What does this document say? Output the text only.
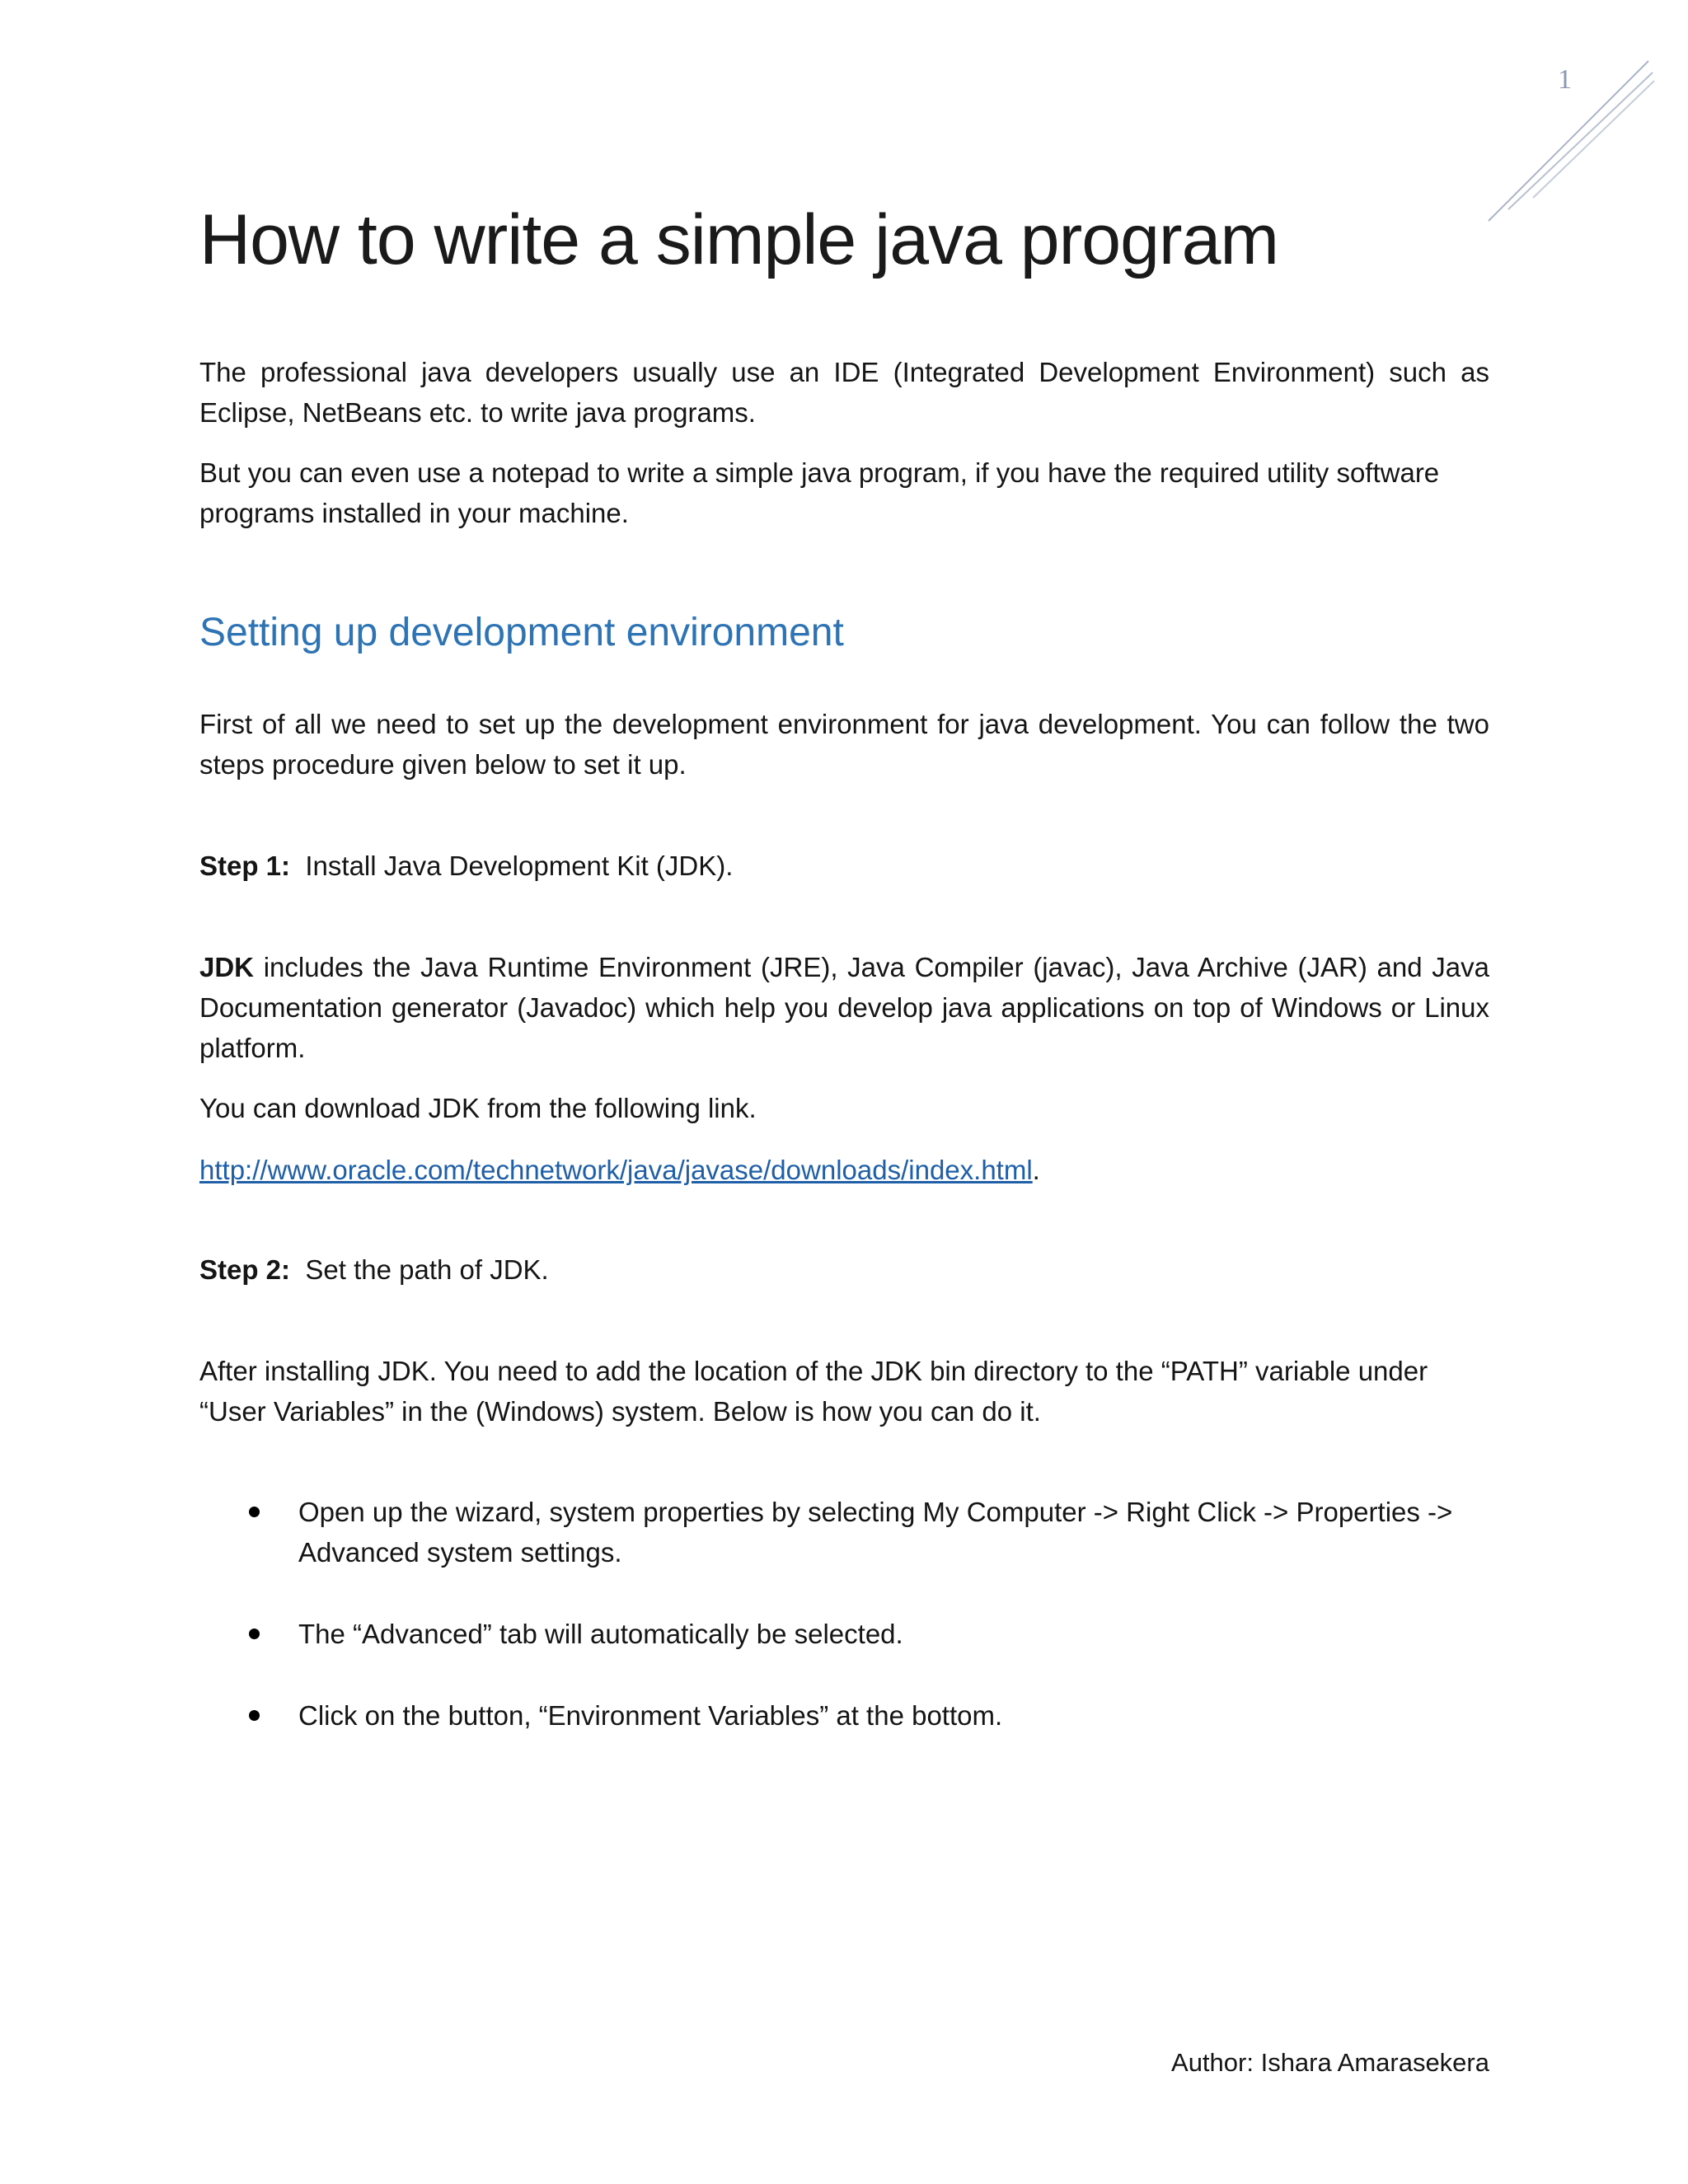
1
How to write a simple java program
The professional java developers usually use an IDE (Integrated Development Environment) such as Eclipse, NetBeans etc. to write java programs.
But you can even use a notepad to write a simple java program, if you have the required utility software programs installed in your machine.
Setting up development environment
First of all we need to set up the development environment for java development. You can follow the two steps procedure given below to set it up.
Step 1: Install Java Development Kit (JDK).
JDK includes the Java Runtime Environment (JRE), Java Compiler (javac), Java Archive (JAR) and Java Documentation generator (Javadoc) which help you develop java applications on top of Windows or Linux platform.
You can download JDK from the following link.
http://www.oracle.com/technetwork/java/javase/downloads/index.html.
Step 2: Set the path of JDK.
After installing JDK. You need to add the location of the JDK bin directory to the “PATH” variable under “User Variables” in the (Windows) system. Below is how you can do it.
Open up the wizard, system properties by selecting My Computer -> Right Click -> Properties -> Advanced system settings.
The “Advanced” tab will automatically be selected.
Click on the button, “Environment Variables” at the bottom.
Author: Ishara Amarasekera
